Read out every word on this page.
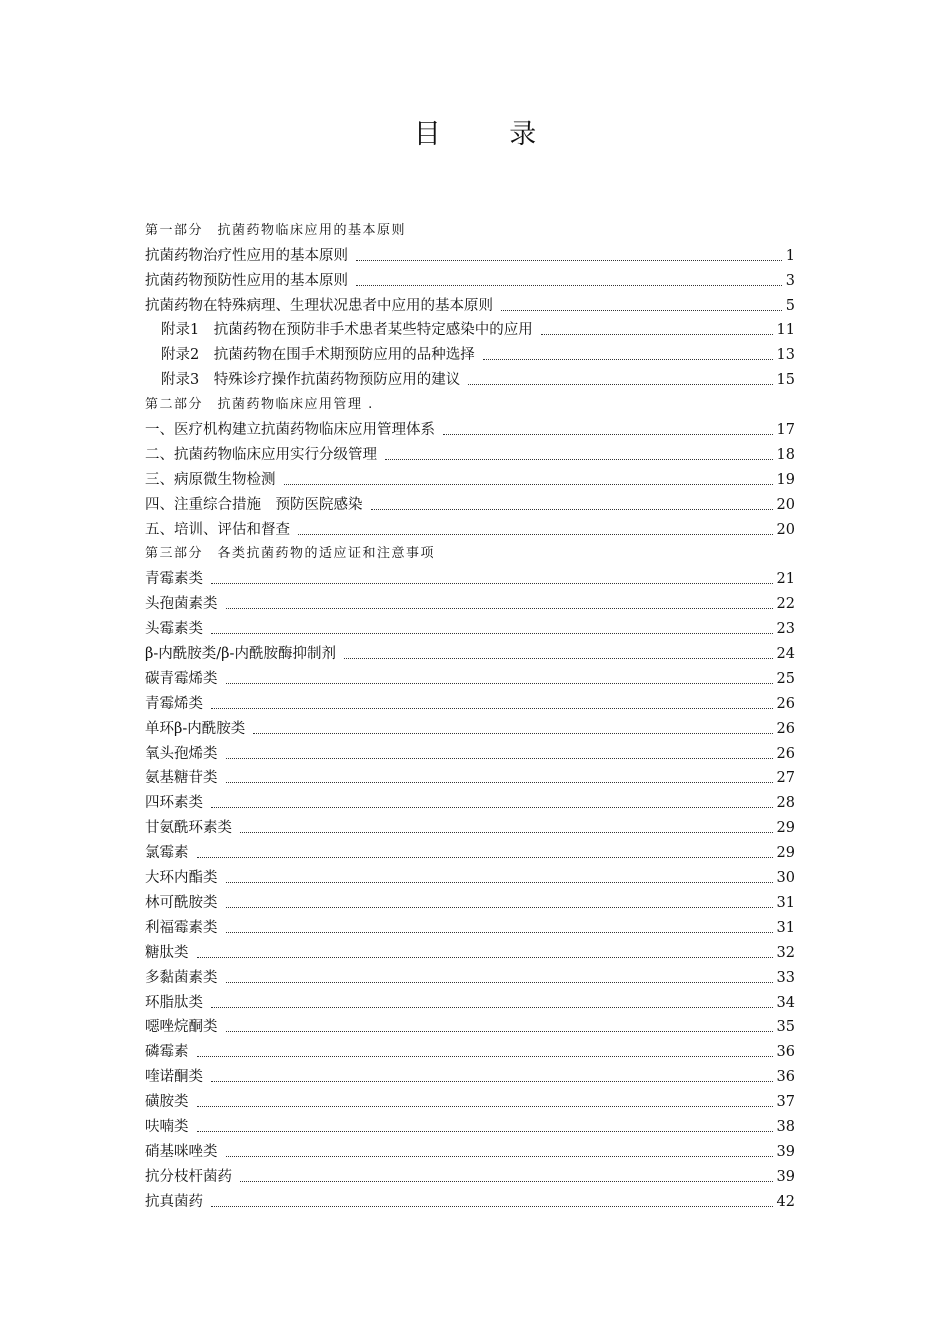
目 录
第一部分　抗菌药物临床应用的基本原则
抗菌药物治疗性应用的基本原则	1
抗菌药物预防性应用的基本原则	3
抗菌药物在特殊病理、生理状况患者中应用的基本原则	5
附录1　抗菌药物在预防非手术患者某些特定感染中的应用	11
附录2　抗菌药物在围手术期预防应用的品种选择	13
附录3　特殊诊疗操作抗菌药物预防应用的建议	15
第二部分　抗菌药物临床应用管理 .
一、医疗机构建立抗菌药物临床应用管理体系	17
二、抗菌药物临床应用实行分级管理	18
三、病原微生物检测	19
四、注重综合措施　预防医院感染	20
五、培训、评估和督查	20
第三部分　各类抗菌药物的适应证和注意事项
青霉素类	21
头孢菌素类	22
头霉素类	23
β-内酰胺类/β-内酰胺酶抑制剂	24
碳青霉烯类	25
青霉烯类	26
单环β-内酰胺类	26
氧头孢烯类	26
氨基糖苷类	27
四环素类	28
甘氨酰环素类	29
氯霉素	29
大环内酯类	30
林可酰胺类	31
利福霉素类	31
糖肽类	32
多黏菌素类	33
环脂肽类	34
噁唑烷酮类	35
磷霉素	36
喹诺酮类	36
磺胺类	37
呋喃类	38
硝基咪唑类	39
抗分枝杆菌药	39
抗真菌药	42
